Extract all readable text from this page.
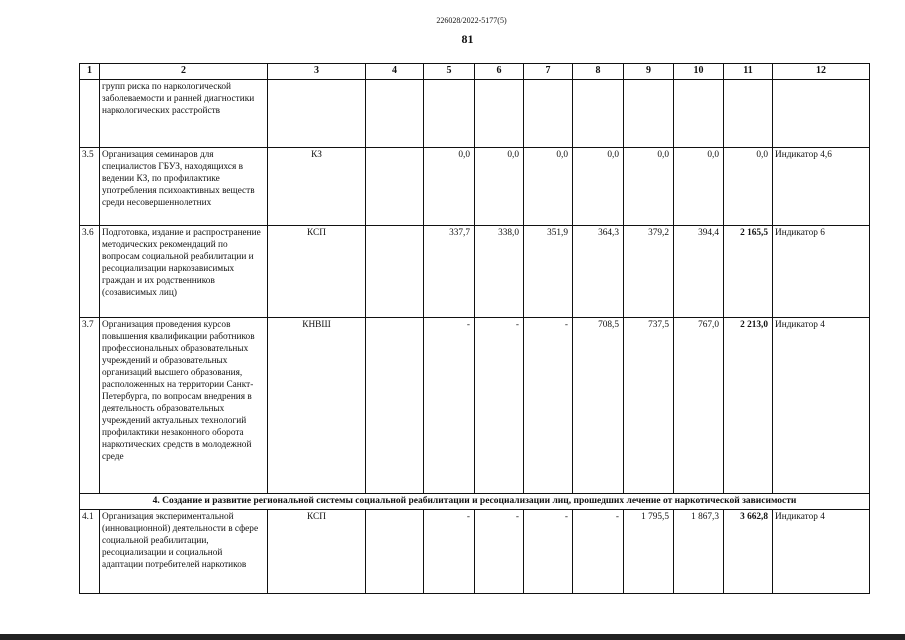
226028/2022-5177(5)
81
1	2	3	4	5	6	7	8	9	10	11	12
	групп риска по наркологической заболеваемости и ранней диагностики наркологических расстройств										
3.5	Организация семинаров для специалистов ГБУЗ, находящихся в ведении КЗ, по профилактике употребления психоактивных веществ среди несовершеннолетних	КЗ		0,0	0,0	0,0	0,0	0,0	0,0	0,0	Индикатор 4,6
3.6	Подготовка, издание и распространение методических рекомендаций по вопросам социальной реабилитации и ресоциализации наркозависимых граждан и их родственников (созависимых лиц)	КСП		337,7	338,0	351,9	364,3	379,2	394,4	2 165,5	Индикатор 6
3.7	Организация проведения курсов повышения квалификации работников профессиональных образовательных учреждений и образовательных организаций высшего образования, расположенных на территории Санкт-Петербурга, по вопросам внедрения в деятельность образовательных учреждений актуальных технологий профилактики незаконного оборота наркотических средств в молодежной среде	КНВШ		-	-	-	708,5	737,5	767,0	2 213,0	Индикатор 4
4. Создание и развитие региональной системы социальной реабилитации и ресоциализации лиц, прошедших лечение от наркотической зависимости											
4.1	Организация экспериментальной (инновационной) деятельности в сфере социальной реабилитации, ресоциализации и социальной адаптации потребителей наркотиков	КСП		-	-	-	-	1 795,5	1 867,3	3 662,8	Индикатор 4
